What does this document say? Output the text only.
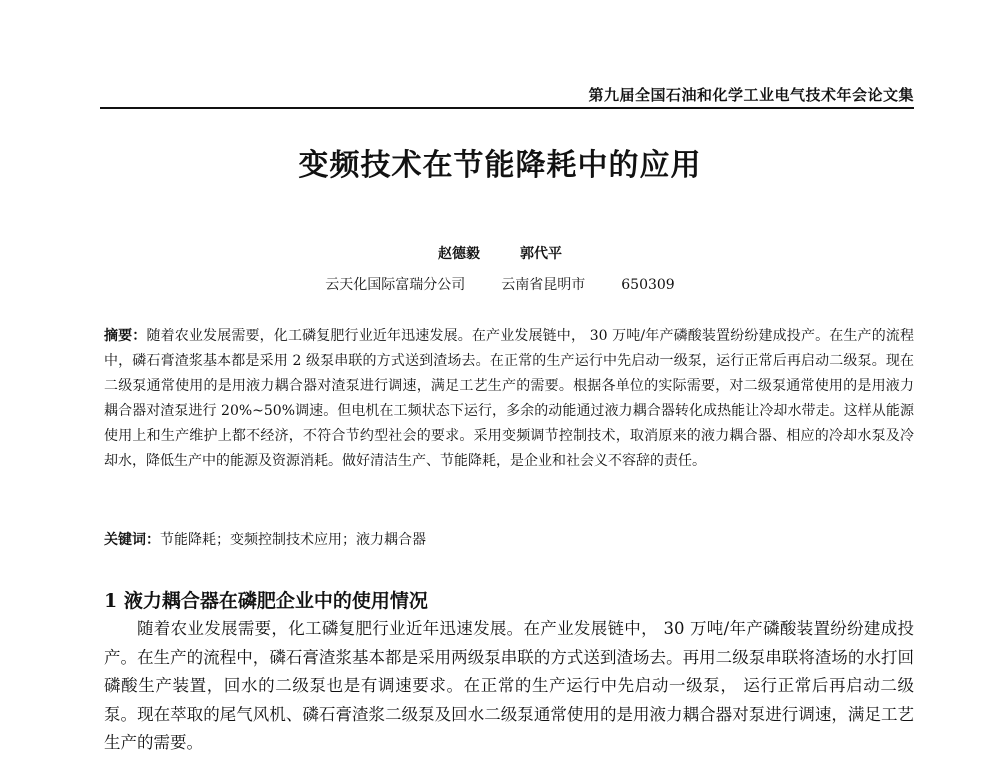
第九届全国石油和化学工业电气技术年会论文集
变频技术在节能降耗中的应用
赵德毅	郭代平
云天化国际富瑞分公司	云南省昆明市	650309

摘要：随着农业发展需要，化工磷复肥行业近年迅速发展。在产业发展链中， 30 万吨/年产磷酸装置纷纷建成投产。在生产的流程中，磷石膏渣浆基本都是采用 2 级泵串联的方式送到渣场去。在正常的生产运行中先启动一级泵，运行正常后再启动二级泵。现在二级泵通常使用的是用液力耦合器对渣泵进行调速，满足工艺生产的需要。根据各单位的实际需要，对二级泵通常使用的是用液力耦合器对渣泵进行 20%~50%调速。但电机在工频状态下运行，多余的动能通过液力耦合器转化成热能让冷却水带走。这样从能源使用上和生产维护上都不经济，不符合节约型社会的要求。采用变频调节控制技术，取消原来的液力耦合器、相应的冷却水泵及冷却水，降低生产中的能源及资源消耗。做好清洁生产、节能降耗，是企业和社会义不容辞的责任。

关键词：节能降耗；变频控制技术应用；液力耦合器

1 液力耦合器在磷肥企业中的使用情况

随着农业发展需要，化工磷复肥行业近年迅速发展。在产业发展链中， 30 万吨/年产磷酸装置纷纷建成投产。在生产的流程中，磷石膏渣浆基本都是采用两级泵串联的方式送到渣场去。再用二级泵串联将渣场的水打回磷酸生产装置，回水的二级泵也是有调速要求。在正常的生产运行中先启动一级泵， 运行正常后再启动二级泵。现在萃取的尾气风机、磷石膏渣浆二级泵及回水二级泵通常使用的是用液力耦合器对泵进行调速，满足工艺生产的需要。
